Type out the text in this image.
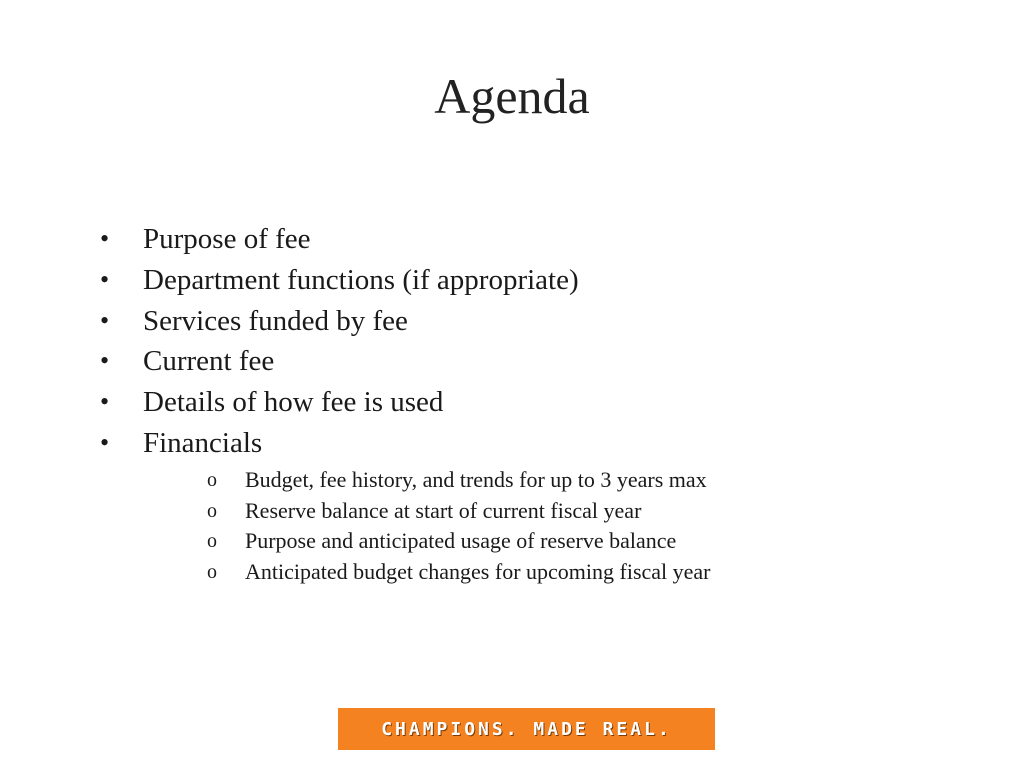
Agenda
•	Purpose of fee
•	Department functions (if appropriate)
•	Services funded by fee
•	Current fee
•	Details of how fee is used
•	Financials
o Budget, fee history, and trends for up to 3 years max
o Reserve balance at start of current fiscal year
o Purpose and anticipated usage of reserve balance
o Anticipated budget changes for upcoming fiscal year
CHAMPIONS. MADE REAL.
